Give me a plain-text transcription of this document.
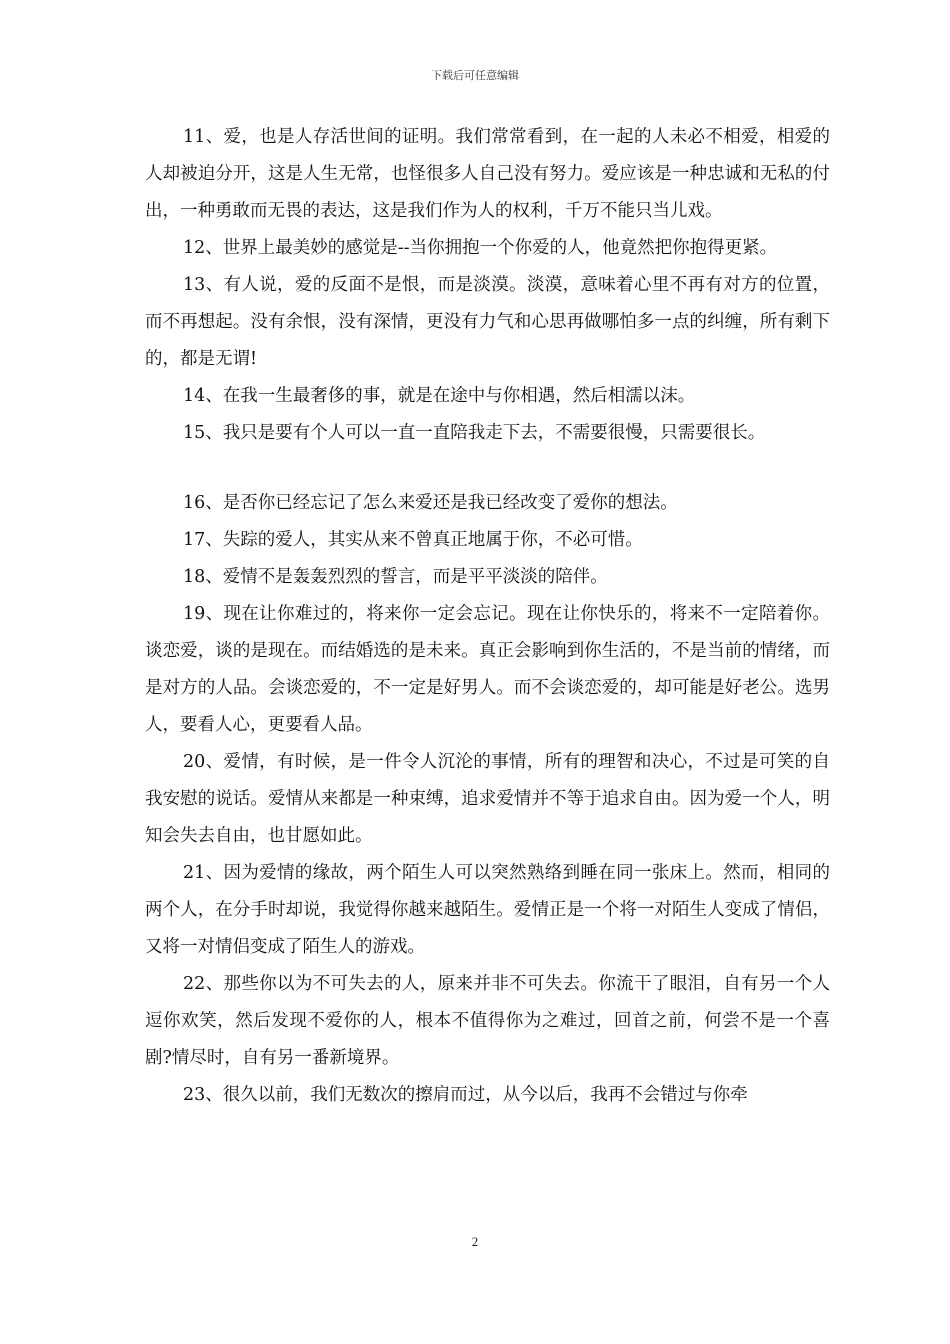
下载后可任意编辑

11、爱，也是人存活世间的证明。我们常常看到，在一起的人未必不相爱，相爱的人却被迫分开，这是人生无常，也怪很多人自己没有努力。爱应该是一种忠诚和无私的付出，一种勇敢而无畏的表达，这是我们作为人的权利，千万不能只当儿戏。

12、世界上最美妙的感觉是--当你拥抱一个你爱的人，他竟然把你抱得更紧。

13、有人说，爱的反面不是恨，而是淡漠。淡漠，意味着心里不再有对方的位置，而不再想起。没有余恨，没有深情，更没有力气和心思再做哪怕多一点的纠缠，所有剩下的，都是无谓!

14、在我一生最奢侈的事，就是在途中与你相遇，然后相濡以沫。

15、我只是要有个人可以一直一直陪我走下去，不需要很慢，只需要很长。

16、是否你已经忘记了怎么来爱还是我已经改变了爱你的想法。

17、失踪的爱人，其实从来不曾真正地属于你，不必可惜。

18、爱情不是轰轰烈烈的誓言，而是平平淡淡的陪伴。

19、现在让你难过的，将来你一定会忘记。现在让你快乐的，将来不一定陪着你。谈恋爱，谈的是现在。而结婚选的是未来。真正会影响到你生活的，不是当前的情绪，而是对方的人品。会谈恋爱的，不一定是好男人。而不会谈恋爱的，却可能是好老公。选男人，要看人心，更要看人品。

20、爱情，有时候，是一件令人沉沦的事情，所有的理智和决心，不过是可笑的自我安慰的说话。爱情从来都是一种束缚，追求爱情并不等于追求自由。因为爱一个人，明知会失去自由，也甘愿如此。

21、因为爱情的缘故，两个陌生人可以突然熟络到睡在同一张床上。然而，相同的两个人，在分手时却说，我觉得你越来越陌生。爱情正是一个将一对陌生人变成了情侣，又将一对情侣变成了陌生人的游戏。

22、那些你以为不可失去的人，原来并非不可失去。你流干了眼泪，自有另一个人逗你欢笑，然后发现不爱你的人，根本不值得你为之难过，回首之前，何尝不是一个喜剧?情尽时，自有另一番新境界。

23、很久以前，我们无数次的擦肩而过，从今以后，我再不会错过与你牵

2
